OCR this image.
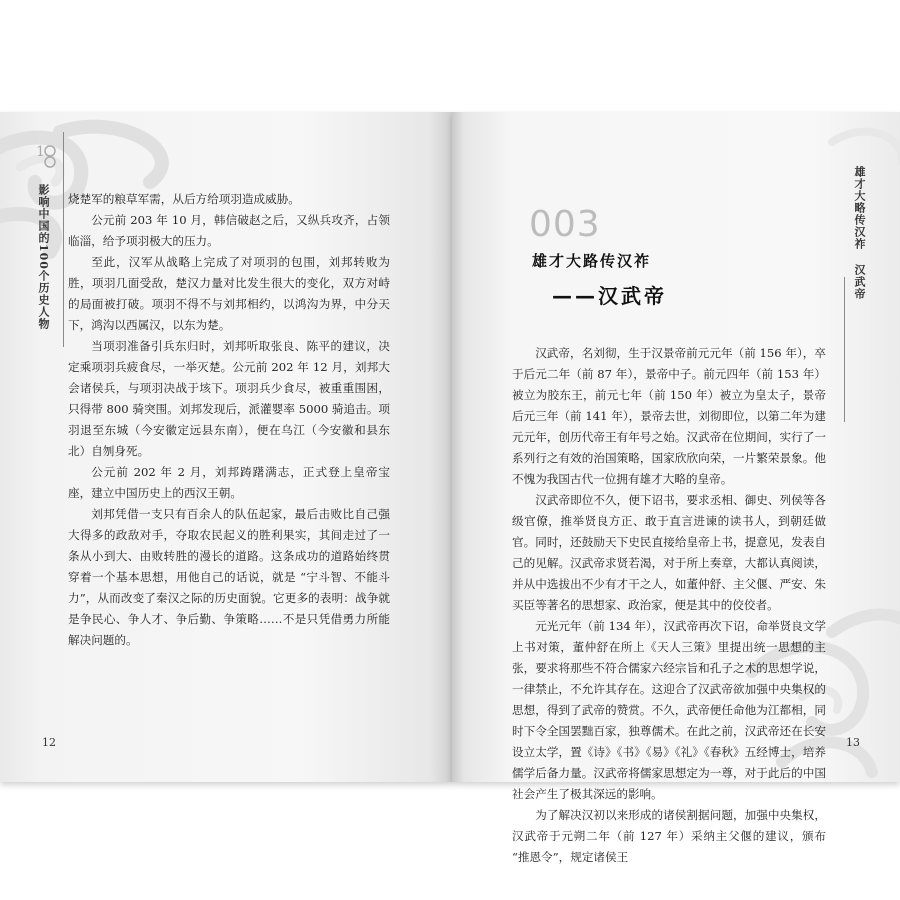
1
影响中国的100个历史人物 烧楚军的粮草军需，从后方给项羽造成威胁。

公元前 203 年 10 月，韩信破赵之后，又纵兵攻齐，占领临淄，给予项羽极大的压力。

至此，汉军从战略上完成了对项羽的包围，刘邦转败为胜，项羽几面受敌，楚汉力量对比发生很大的变化，双方对峙的局面被打破。项羽不得不与刘邦相约，以鸿沟为界，中分天下，鸿沟以西属汉，以东为楚。

当项羽准备引兵东归时，刘邦听取张良、陈平的建议，决定乘项羽兵疲食尽，一举灭楚。公元前 202 年 12 月，刘邦大会诸侯兵，与项羽决战于垓下。项羽兵少食尽，被重重围困，只得带 800 骑突围。刘邦发现后，派灌婴率 5000 骑追击。项羽退至东城（今安徽定远县东南），便在乌江（今安徽和县东北）自刎身死。

公元前 202 年 2 月，刘邦踌躇满志，正式登上皇帝宝座，建立中国历史上的西汉王朝。

刘邦凭借一支只有百余人的队伍起家，最后击败比自己强大得多的政敌对手，夺取农民起义的胜利果实，其间走过了一条从小到大、由败转胜的漫长的道路。这条成功的道路始终贯穿着一个基本思想，用他自己的话说，就是 “宁斗智、不能斗力”，从而改变了秦汉之际的历史面貌。它更多的表明：战争就是争民心、争人才、争后勤、争策略……不是只凭借勇力所能解决问题的。

12
003
雄才大路传汉祚
——汉武帝
雄才大略传汉祚
汉武帝

汉武帝，名刘彻，生于汉景帝前元元年（前 156 年），卒于后元二年（前 87 年），景帝中子。前元四年（前 153 年）被立为胶东王，前元七年（前 150 年）被立为皇太子，景帝后元三年（前 141 年），景帝去世，刘彻即位，以第二年为建元元年，创历代帝王有年号之始。汉武帝在位期间，实行了一系列行之有效的治国策略，国家欣欣向荣，一片繁荣景象。他不愧为我国古代一位拥有雄才大略的皇帝。

汉武帝即位不久，便下诏书，要求丞相、御史、列侯等各级官僚，推举贤良方正、敢于直言进谏的读书人，到朝廷做官。同时，还鼓励天下史民直接给皇帝上书，提意见，发表自己的见解。汉武帝求贤若渴，对于所上奏章，大都认真阅读，并从中选拔出不少有才干之人，如董仲舒、主父偃、严安、朱买臣等著名的思想家、政治家，便是其中的佼佼者。

元光元年（前 134 年），汉武帝再次下诏，命举贤良文学上书对策，董仲舒在所上《天人三策》里提出统一思想的主张，要求将那些不符合儒家六经宗旨和孔子之术的思想学说，一律禁止，不允许其存在。这迎合了汉武帝欲加强中央集权的思想，得到了武帝的赞赏。不久，武帝便任命他为江都相，同时下令全国罢黜百家，独尊儒术。在此之前，汉武帝还在长安设立太学，置《诗》《书》《易》《礼》《春秋》五经博士，培养儒学后备力量。汉武帝将儒家思想定为一尊，对于此后的中国社会产生了极其深远的影响。

为了解决汉初以来形成的诸侯割据问题，加强中央集权，汉武帝于元朔二年（前 127 年）采纳主父偃的建议，颁布 “推恩令”，规定诸侯王

13
